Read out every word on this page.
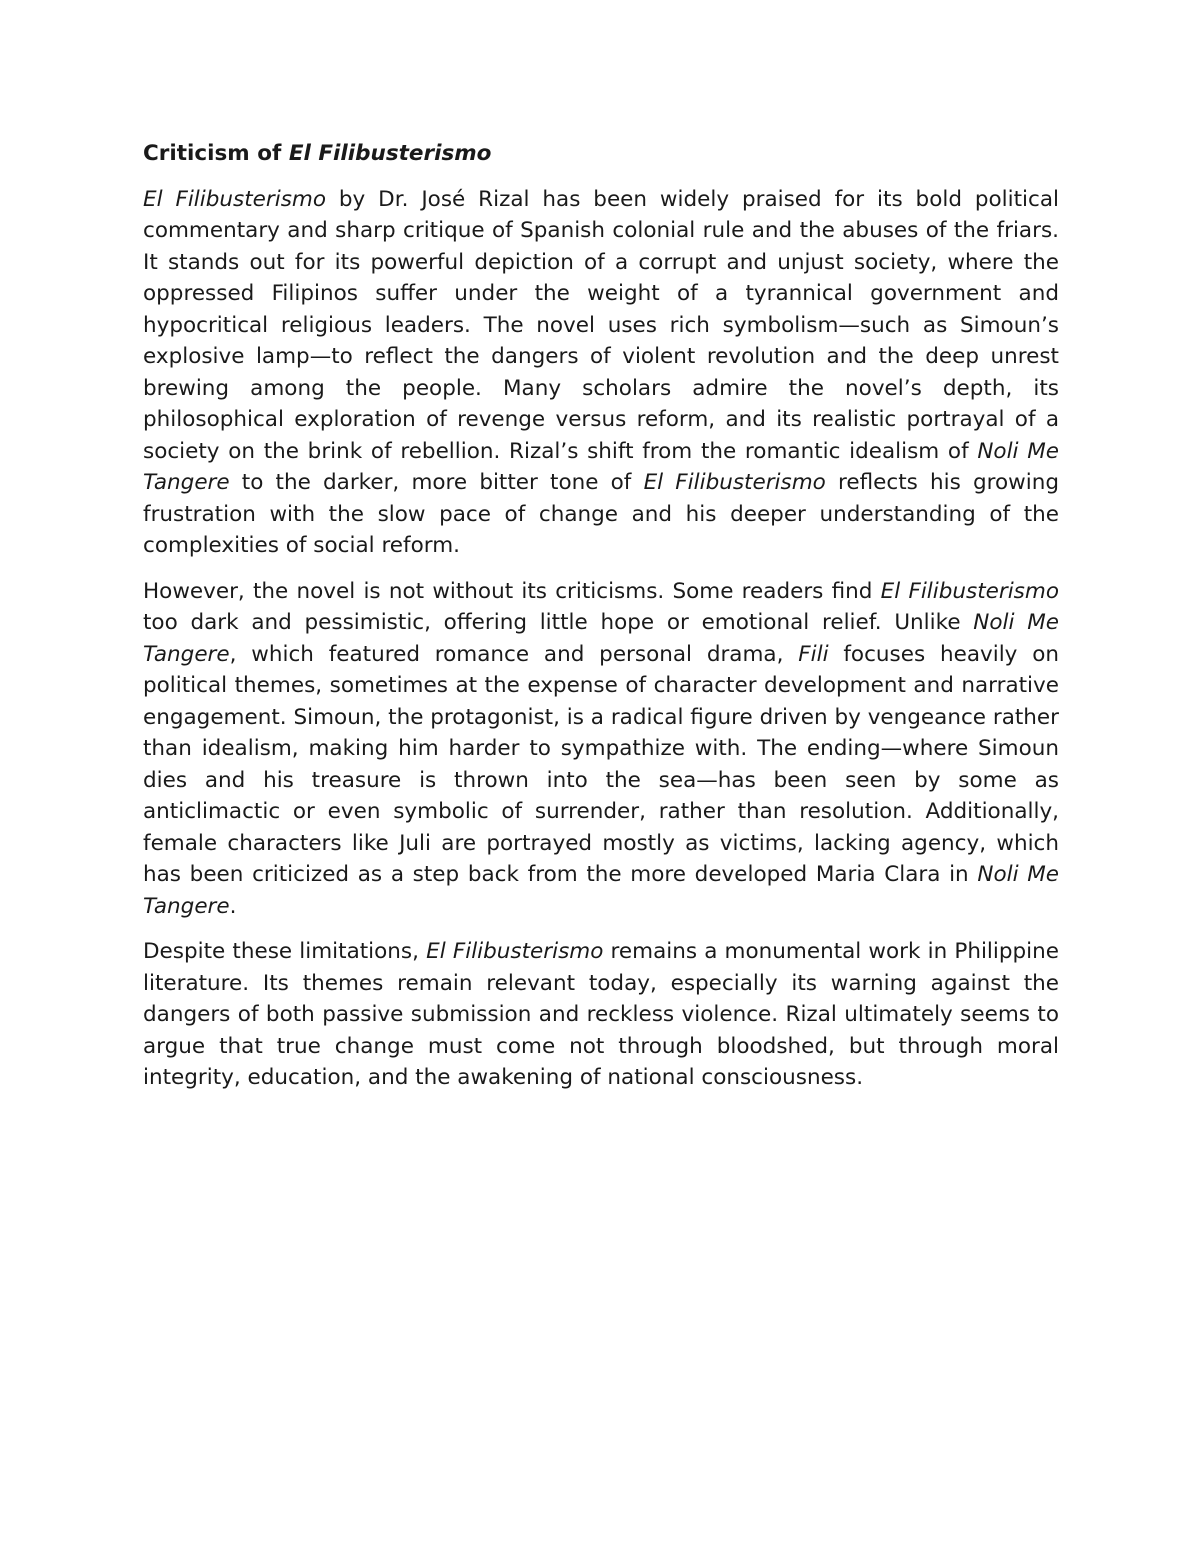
Criticism of El Filibusterismo

El Filibusterismo by Dr. José Rizal has been widely praised for its bold political commentary and sharp critique of Spanish colonial rule and the abuses of the friars. It stands out for its powerful depiction of a corrupt and unjust society, where the oppressed Filipinos suffer under the weight of a tyrannical government and hypocritical religious leaders. The novel uses rich symbolism—such as Simoun’s explosive lamp—to reflect the dangers of violent revolution and the deep unrest brewing among the people. Many scholars admire the novel’s depth, its philosophical exploration of revenge versus reform, and its realistic portrayal of a society on the brink of rebellion. Rizal’s shift from the romantic idealism of Noli Me Tangere to the darker, more bitter tone of El Filibusterismo reflects his growing frustration with the slow pace of change and his deeper understanding of the complexities of social reform.

However, the novel is not without its criticisms. Some readers find El Filibusterismo too dark and pessimistic, offering little hope or emotional relief. Unlike Noli Me Tangere, which featured romance and personal drama, Fili focuses heavily on political themes, sometimes at the expense of character development and narrative engagement. Simoun, the protagonist, is a radical figure driven by vengeance rather than idealism, making him harder to sympathize with. The ending—where Simoun dies and his treasure is thrown into the sea—has been seen by some as anticlimactic or even symbolic of surrender, rather than resolution. Additionally, female characters like Juli are portrayed mostly as victims, lacking agency, which has been criticized as a step back from the more developed Maria Clara in Noli Me Tangere.

Despite these limitations, El Filibusterismo remains a monumental work in Philippine literature. Its themes remain relevant today, especially its warning against the dangers of both passive submission and reckless violence. Rizal ultimately seems to argue that true change must come not through bloodshed, but through moral integrity, education, and the awakening of national consciousness.
